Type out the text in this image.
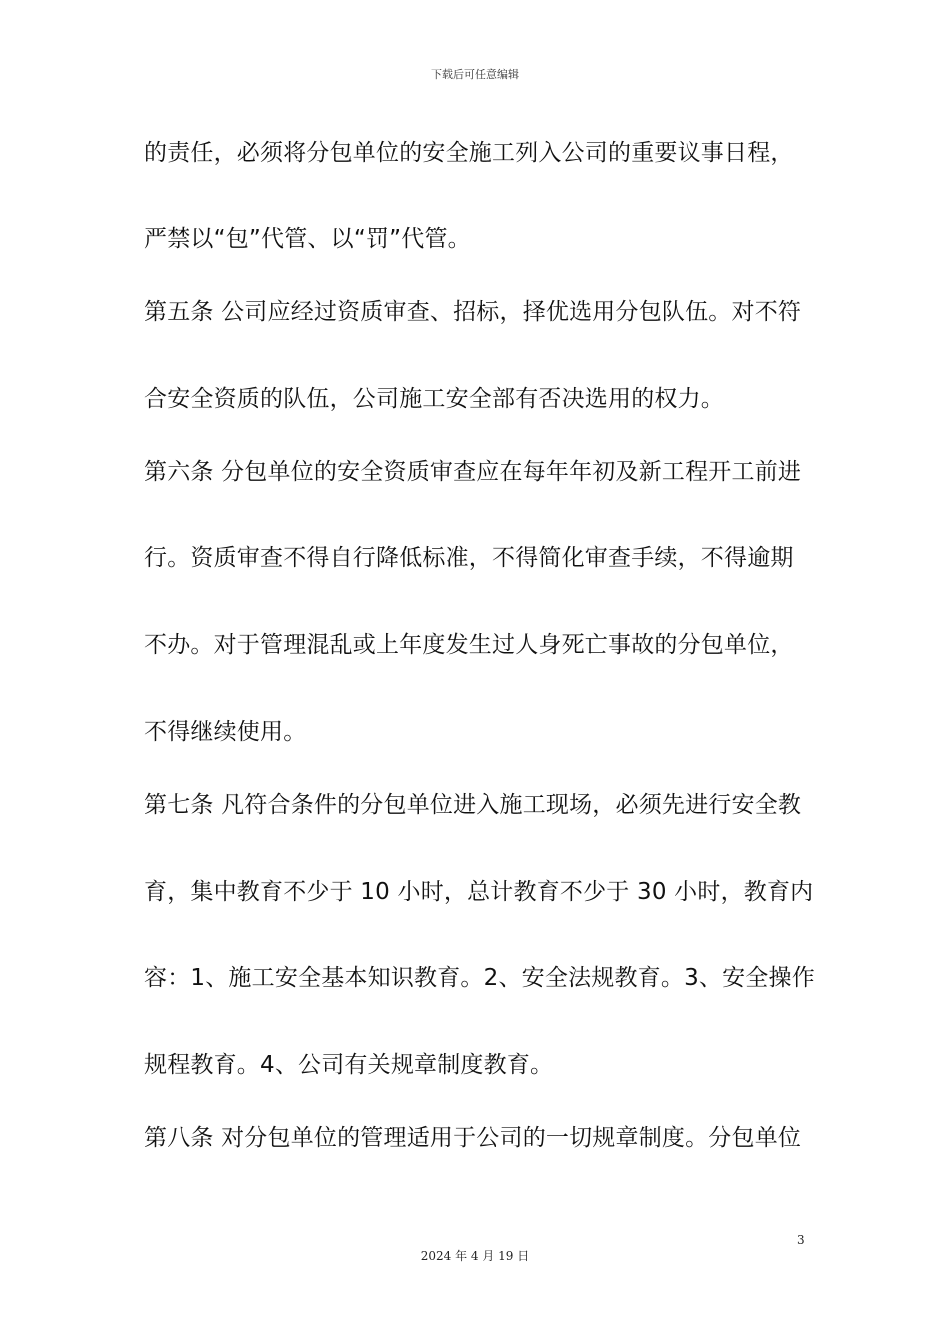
下载后可任意编辑
的责任，必须将分包单位的安全施工列入公司的重要议事日程，
严禁以“包”代管、以“罚”代管。
第五条 公司应经过资质审查、招标，择优选用分包队伍。对不符
合安全资质的队伍，公司施工安全部有否决选用的权力。
第六条 分包单位的安全资质审查应在每年年初及新工程开工前进
行。资质审查不得自行降低标准，不得简化审查手续，不得逾期
不办。对于管理混乱或上年度发生过人身死亡事故的分包单位，
不得继续使用。
第七条 凡符合条件的分包单位进入施工现场，必须先进行安全教
育，集中教育不少于 10 小时，总计教育不少于 30 小时，教育内
容：1、施工安全基本知识教育。2、安全法规教育。3、安全操作
规程教育。4、公司有关规章制度教育。
第八条 对分包单位的管理适用于公司的一切规章制度。分包单位
3
2024 年 4 月 19 日
